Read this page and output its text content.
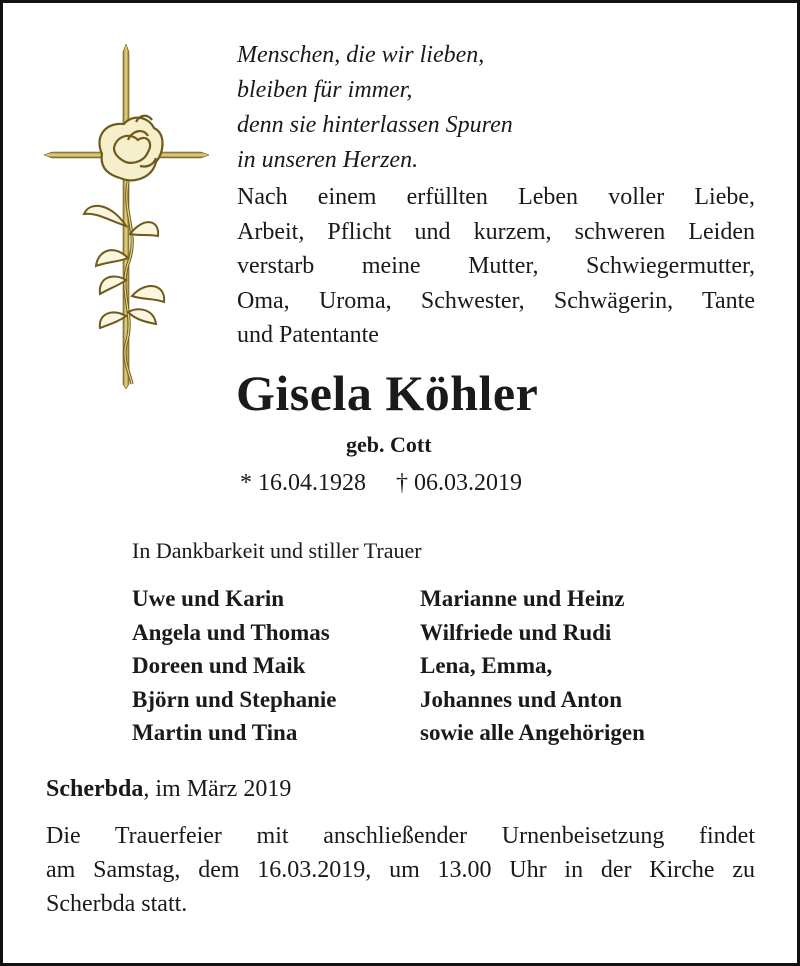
Menschen, die wir lieben,
bleiben für immer,
denn sie hinterlassen Spuren
in unseren Herzen.
Nach einem erfüllten Leben voller Liebe,
Arbeit, Pflicht und kurzem, schweren Leiden
verstarb meine Mutter, Schwiegermutter,
Oma, Uroma, Schwester, Schwägerin, Tante
und Patentante
Gisela Köhler
geb. Cott
* 16.04.1928 † 06.03.2019
In Dankbarkeit und stiller Trauer
Uwe und Karin
Angela und Thomas
Doreen und Maik
Björn und Stephanie
Martin und Tina
Marianne und Heinz
Wilfriede und Rudi
Lena, Emma,
Johannes und Anton
sowie alle Angehörigen
Scherbda, im März 2019
Die Trauerfeier mit anschließender Urnenbeisetzung findet
am Samstag, dem 16.03.2019, um 13.00 Uhr in der Kirche zu
Scherbda statt.
